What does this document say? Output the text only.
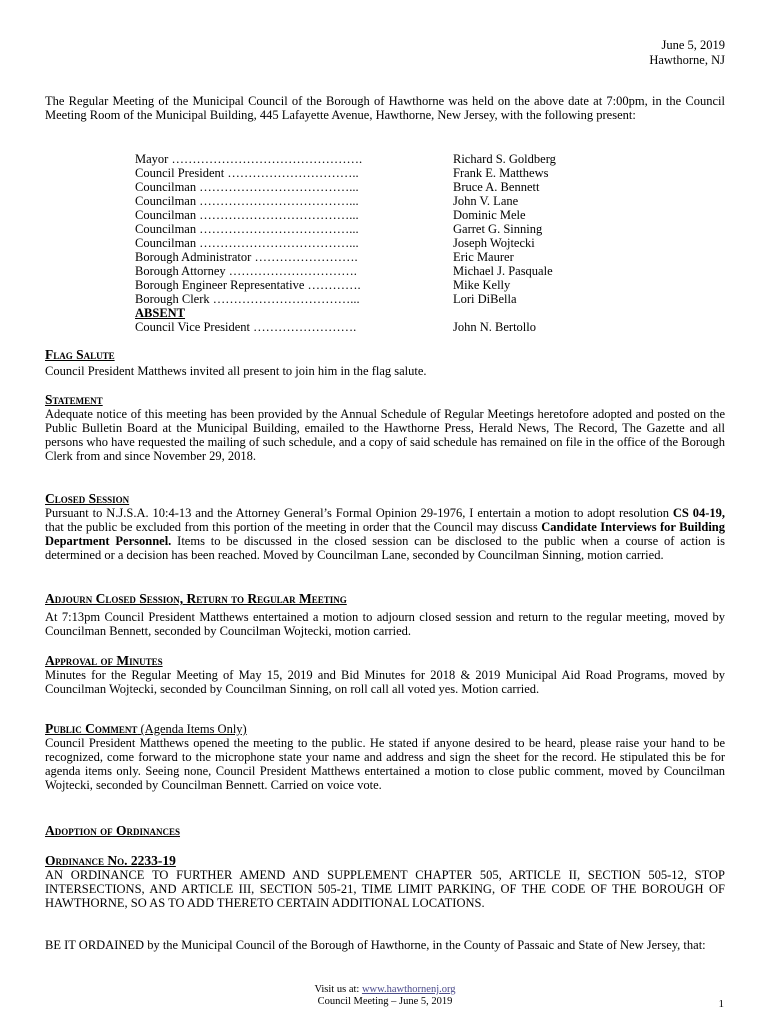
June 5, 2019
Hawthorne, NJ
The Regular Meeting of the Municipal Council of the Borough of Hawthorne was held on the above date at 7:00pm, in the Council Meeting Room of the Municipal Building, 445 Lafayette Avenue, Hawthorne, New Jersey, with the following present:
Mayor ……………………………………….	Richard S. Goldberg
Council President …………………………..	Frank E. Matthews
Councilman ………………………………...	Bruce A. Bennett
Councilman ………………………………...	John V. Lane
Councilman ………………………………...	Dominic Mele
Councilman ………………………………...	Garret G. Sinning
Councilman ………………………………...	Joseph Wojtecki
Borough Administrator …………………….	Eric Maurer
Borough Attorney ………………………….	Michael J. Pasquale
Borough Engineer Representative ………….	Mike Kelly
Borough Clerk ……………………………...	Lori DiBella
ABSENT
Council Vice President …………………….	John N. Bertollo
Flag Salute
Council President Matthews invited all present to join him in the flag salute.
Statement
Adequate notice of this meeting has been provided by the Annual Schedule of Regular Meetings heretofore adopted and posted on the Public Bulletin Board at the Municipal Building, emailed to the Hawthorne Press, Herald News, The Record, The Gazette and all persons who have requested the mailing of such schedule, and a copy of said schedule has remained on file in the office of the Borough Clerk from and since November 29, 2018.
Closed Session
Pursuant to N.J.S.A. 10:4-13 and the Attorney General’s Formal Opinion 29-1976, I entertain a motion to adopt resolution CS 04-19, that the public be excluded from this portion of the meeting in order that the Council may discuss Candidate Interviews for Building Department Personnel. Items to be discussed in the closed session can be disclosed to the public when a course of action is determined or a decision has been reached. Moved by Councilman Lane, seconded by Councilman Sinning, motion carried.
Adjourn Closed Session, Return to Regular Meeting
At 7:13pm Council President Matthews entertained a motion to adjourn closed session and return to the regular meeting, moved by Councilman Bennett, seconded by Councilman Wojtecki, motion carried.
Approval of Minutes
Minutes for the Regular Meeting of May 15, 2019 and Bid Minutes for 2018 & 2019 Municipal Aid Road Programs, moved by Councilman Wojtecki, seconded by Councilman Sinning, on roll call all voted yes. Motion carried.
Public Comment (Agenda Items Only)
Council President Matthews opened the meeting to the public. He stated if anyone desired to be heard, please raise your hand to be recognized, come forward to the microphone state your name and address and sign the sheet for the record. He stipulated this be for agenda items only. Seeing none, Council President Matthews entertained a motion to close public comment, moved by Councilman Wojtecki, seconded by Councilman Bennett. Carried on voice vote.
Adoption of Ordinances
Ordinance No. 2233-19
AN ORDINANCE TO FURTHER AMEND AND SUPPLEMENT CHAPTER 505, ARTICLE II, SECTION 505-12, STOP INTERSECTIONS, AND ARTICLE III, SECTION 505-21, TIME LIMIT PARKING, OF THE CODE OF THE BOROUGH OF HAWTHORNE, SO AS TO ADD THERETO CERTAIN ADDITIONAL LOCATIONS.
BE IT ORDAINED by the Municipal Council of the Borough of Hawthorne, in the County of Passaic and State of New Jersey, that:
Visit us at: www.hawthornenj.org
Council Meeting – June 5, 2019	1
